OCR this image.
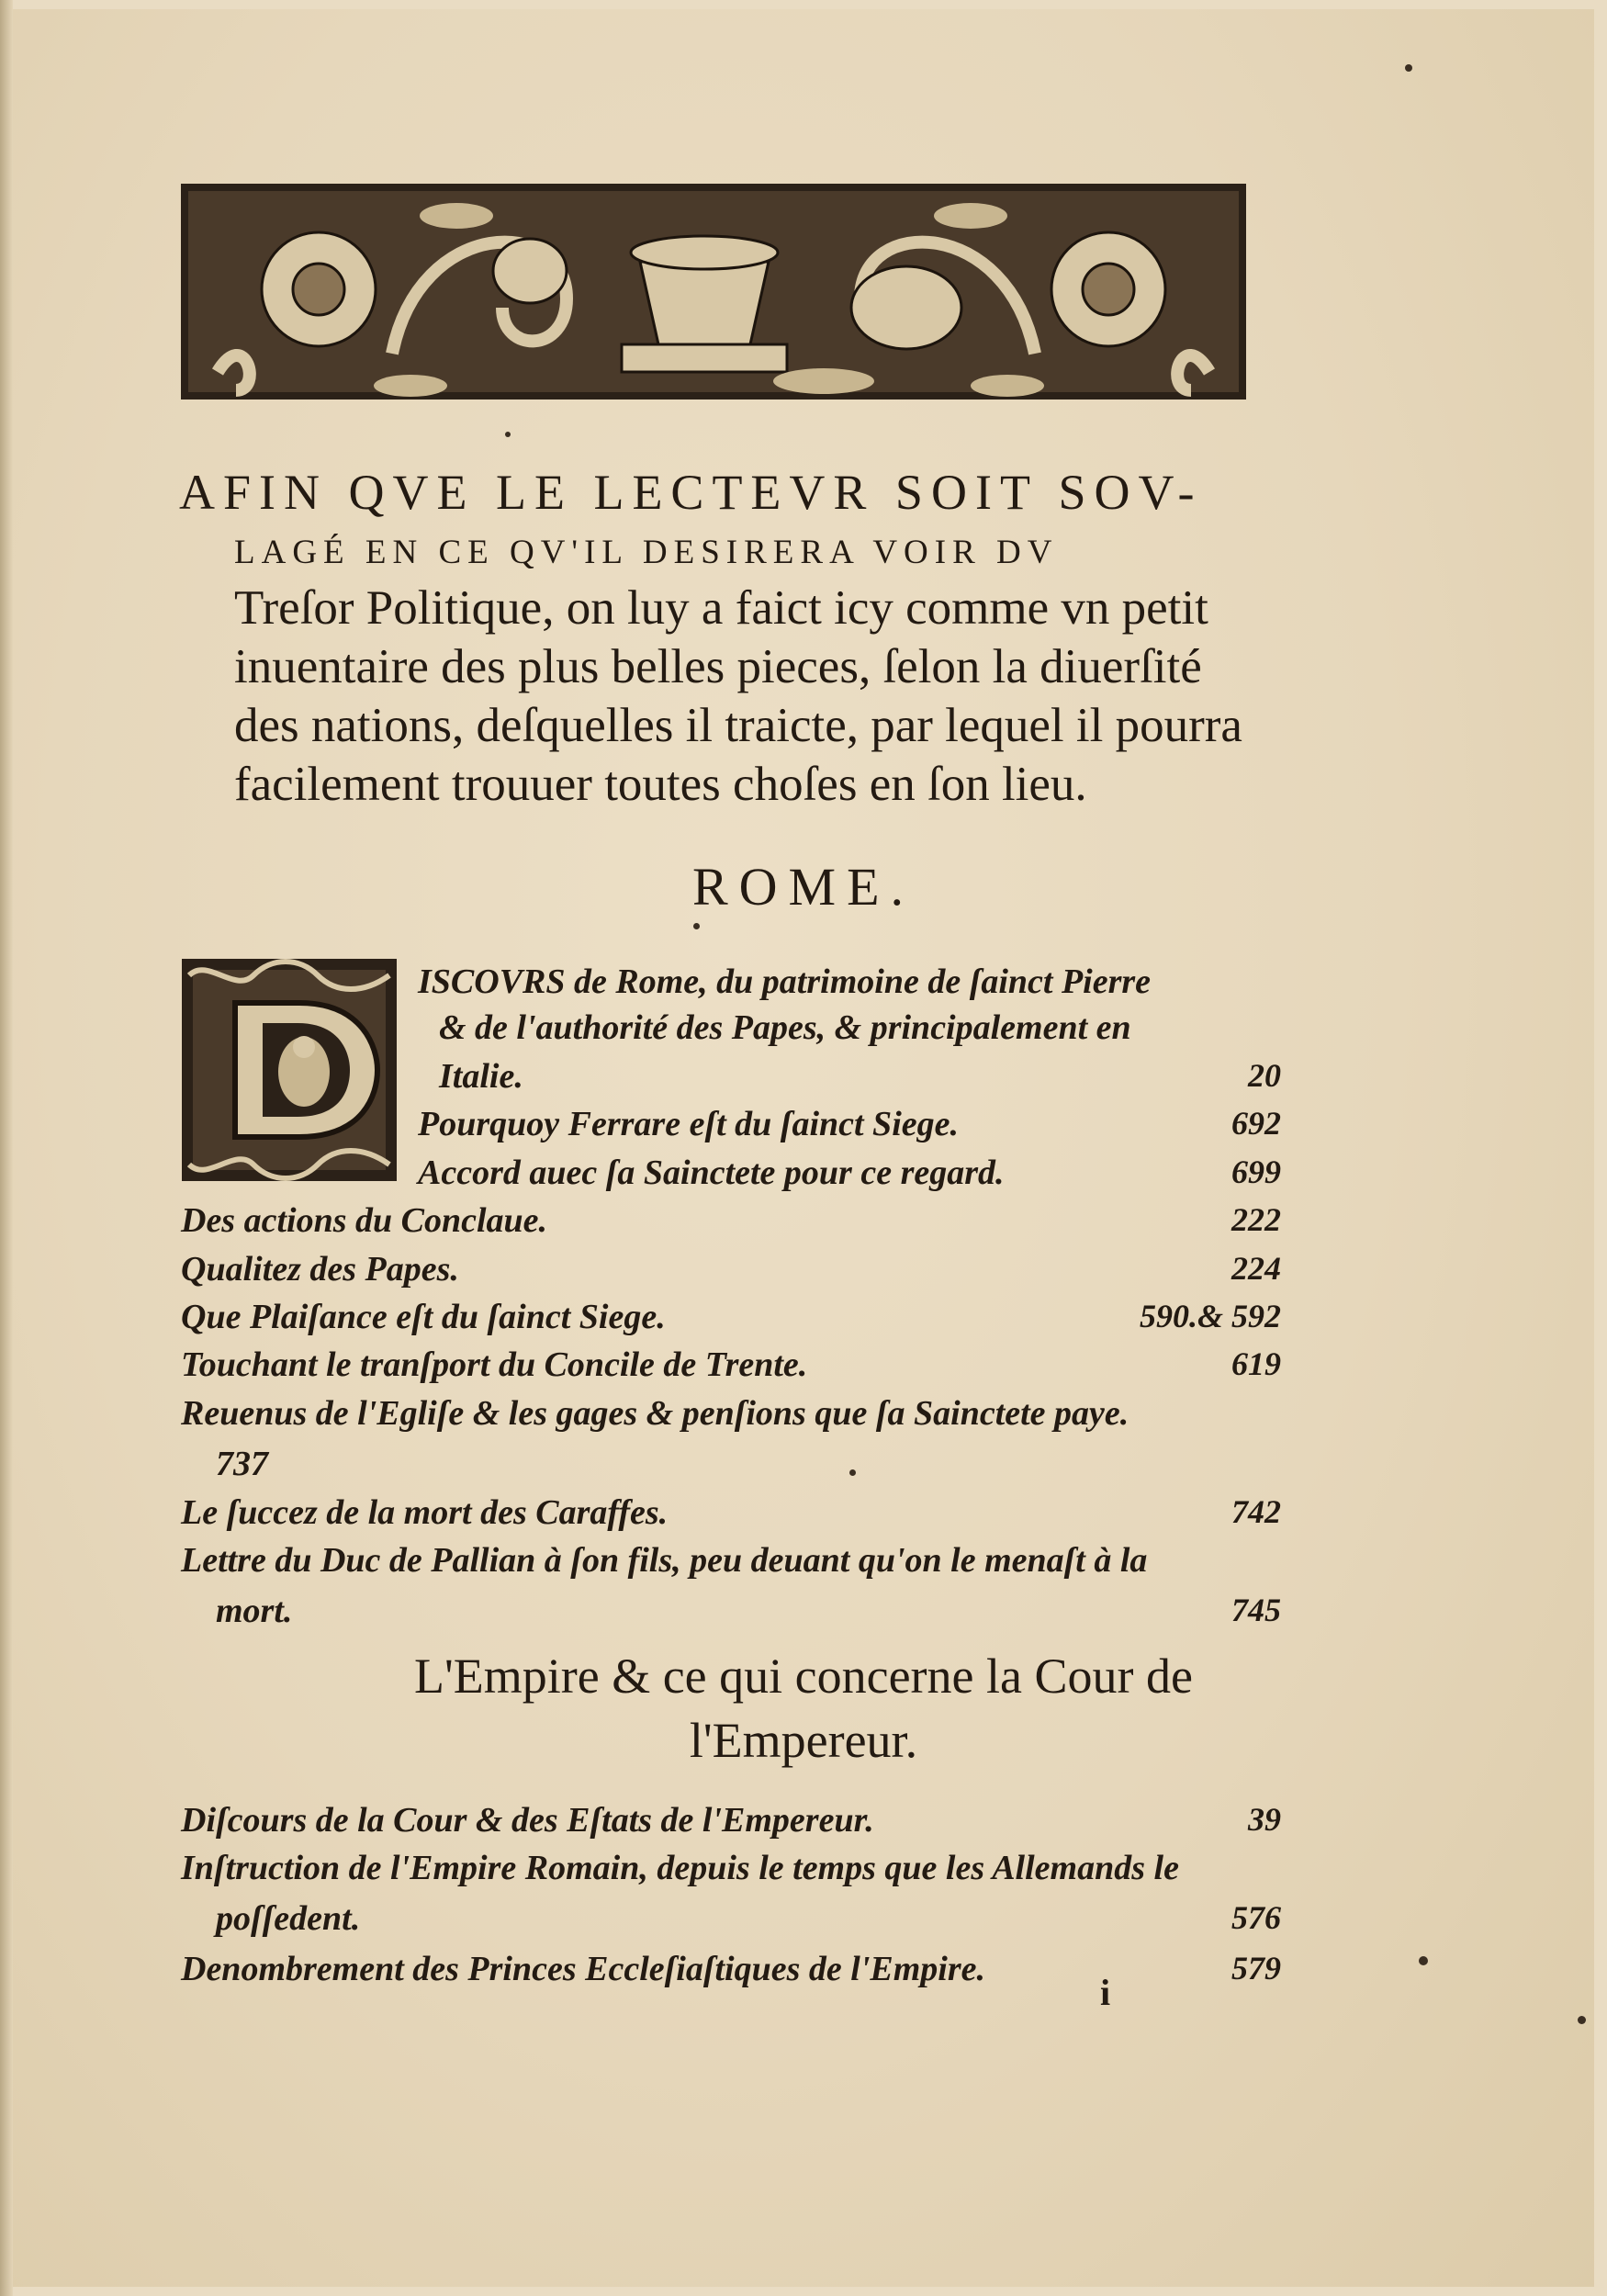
AFIN QVE LE LECTEVR SOIT SOV-
LAGÉ EN CE QV'IL DESIRERA VOIR DV
Treſor Politique, on luy a faict icy comme vn petit
inuentaire des plus belles pieces, ſelon la diuerſité
des nations, deſquelles il traicte, par lequel il pourra
facilement trouuer toutes choſes en ſon lieu.
ROME.
ISCOVRS de Rome, du patrimoine de ſainct Pierre
& de l'authorité des Papes, & principalement en
Italie.	20
Pourquoy Ferrare eſt du ſainct Siege.	692
Accord auec ſa Sainctete pour ce regard.	699
Des actions du Conclaue.	222
Qualitez des Papes.	224
Que Plaiſance eſt du ſainct Siege.	590.& 592
Touchant le tranſport du Concile de Trente.	619
Reuenus de l'Egliſe & les gages & penſions que ſa Sainctete paye.
737
Le ſuccez de la mort des Caraffes.	742
Lettre du Duc de Pallian à ſon fils, peu deuant qu'on le menaſt à la
mort.	745
L'Empire & ce qui concerne la Cour de
l'Empereur.
Diſcours de la Cour & des Eſtats de l'Empereur.	39
Inſtruction de l'Empire Romain, depuis le temps que les Allemands le
poſſedent.	576
Denombrement des Princes Eccleſiaſtiques de l'Empire.	579
i
